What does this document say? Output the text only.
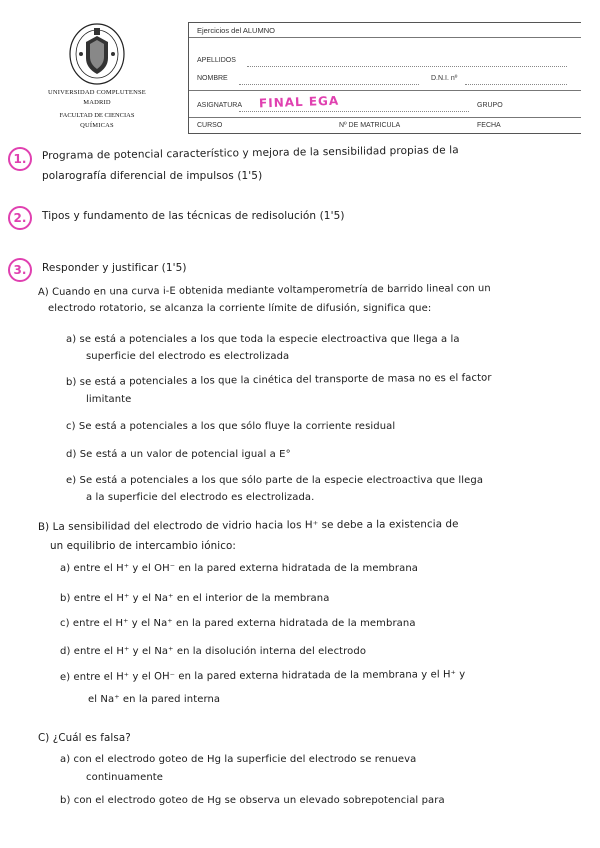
UNIVERSIDAD COMPLUTENSE
MADRID
FACULTAD DE CIENCIAS
QUÍMICAS
Ejercicios del ALUMNO
APELLIDOS
NOMBRE	D.N.I. nº
ASIGNATURA FINAL EGA	GRUPO
CURSO	Nº DE MATRICULA	FECHA
1.	Programa de potencial característico y mejora de la sensibilidad propias de la
polarografía diferencial de impulsos (1'5)
2.	Tipos y fundamento de las técnicas de redisolución (1'5)
3.	Responder y justificar (1'5)
A) Cuando en una curva i-E obtenida mediante voltamperometría de barrido lineal con un
electrodo rotatorio, se alcanza la corriente límite de difusión, significa que:
a) se está a potenciales a los que toda la especie electroactiva que llega a la
superficie del electrodo es electrolizada
b) se está a potenciales a los que la cinética del transporte de masa no es el factor
limitante
c) Se está a potenciales a los que sólo fluye la corriente residual
d) Se está a un valor de potencial igual a E°
e) Se está a potenciales a los que sólo parte de la especie electroactiva que llega
a la superficie del electrodo es electrolizada.
B) La sensibilidad del electrodo de vidrio hacia los H⁺ se debe a la existencia de
un equilibrio de intercambio iónico:
a) entre el H⁺ y el OH⁻ en la pared externa hidratada de la membrana
b) entre el H⁺ y el Na⁺ en el interior de la membrana
c) entre el H⁺ y el Na⁺ en la pared externa hidratada de la membrana
d) entre el H⁺ y el Na⁺ en la disolución interna del electrodo
e) entre el H⁺ y el OH⁻ en la pared externa hidratada de la membrana y el H⁺ y
el Na⁺ en la pared interna
C) ¿Cuál es falsa?
a) con el electrodo goteo de Hg la superficie del electrodo se renueva
continuamente
b) con el electrodo goteo de Hg se observa un elevado sobrepotencial para
